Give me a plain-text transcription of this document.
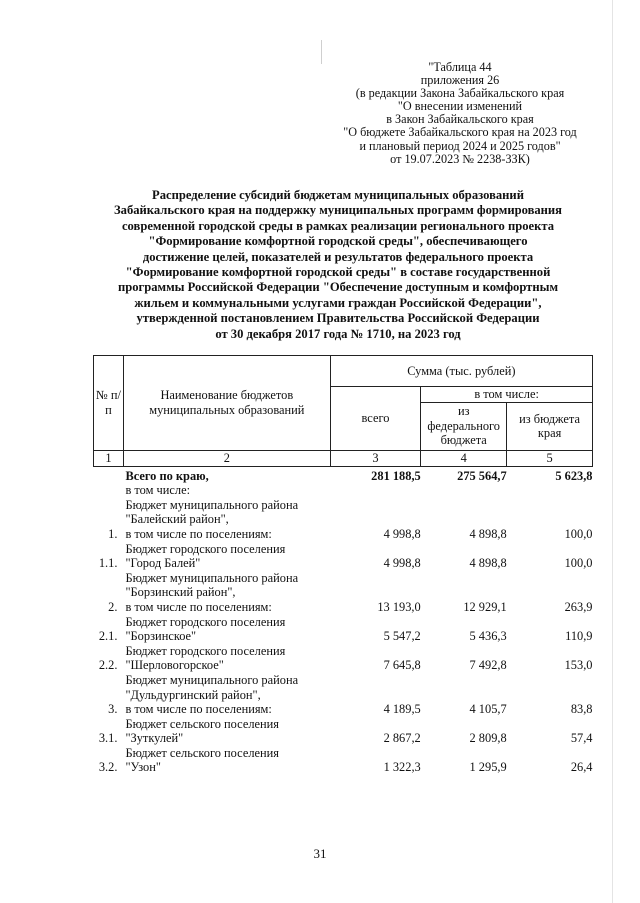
"Таблица 44
приложения 26
(в редакции Закона Забайкальского края
"О внесении изменений
в Закон Забайкальского края
"О бюджете Забайкальского края на 2023 год
и плановый период 2024 и 2025 годов"
от 19.07.2023 № 2238-ЗЗК)
Распределение субсидий бюджетам муниципальных образований
Забайкальского края на поддержку муниципальных программ формирования
современной городской среды в рамках реализации регионального проекта
"Формирование комфортной городской среды", обеспечивающего
достижение целей, показателей и результатов федерального проекта
"Формирование комфортной городской среды" в составе государственной
программы Российской Федерации "Обеспечение доступным и комфортным
жильем и коммунальными услугами граждан Российской Федерации",
утвержденной постановлением Правительства Российской Федерации
от 30 декабря 2017 года № 1710, на 2023 год
№ п/п	Наименование бюджетов муниципальных образований	Сумма (тыс. рублей)		
		всего	в том числе:	
			из федерального бюджета	из бюджета края
1	2	3	4	5

	Всего по краю,	281 188,5	275 564,7	5 623,8

	в том числе:			

1.	Бюджет муниципального района
"Балейский район",
в том числе по поселениям:	4 998,8	4 898,8	100,0
1.1.	Бюджет городского поселения
"Город Балей"	4 998,8	4 898,8	100,0
2.	Бюджет муниципального района
"Борзинский район",
в том числе по поселениям:	13 193,0	12 929,1	263,9
2.1.	Бюджет городского поселения
"Борзинское"	5 547,2	5 436,3	110,9
2.2.	Бюджет городского поселения
"Шерловогорское"	7 645,8	7 492,8	153,0
3.	Бюджет муниципального района
"Дульдургинский район",
в том числе по поселениям:	4 189,5	4 105,7	83,8
3.1.	Бюджет сельского поселения
"Зуткулей"	2 867,2	2 809,8	57,4
3.2.	Бюджет сельского поселения
"Узон"	1 322,3	1 295,9	26,4
31
